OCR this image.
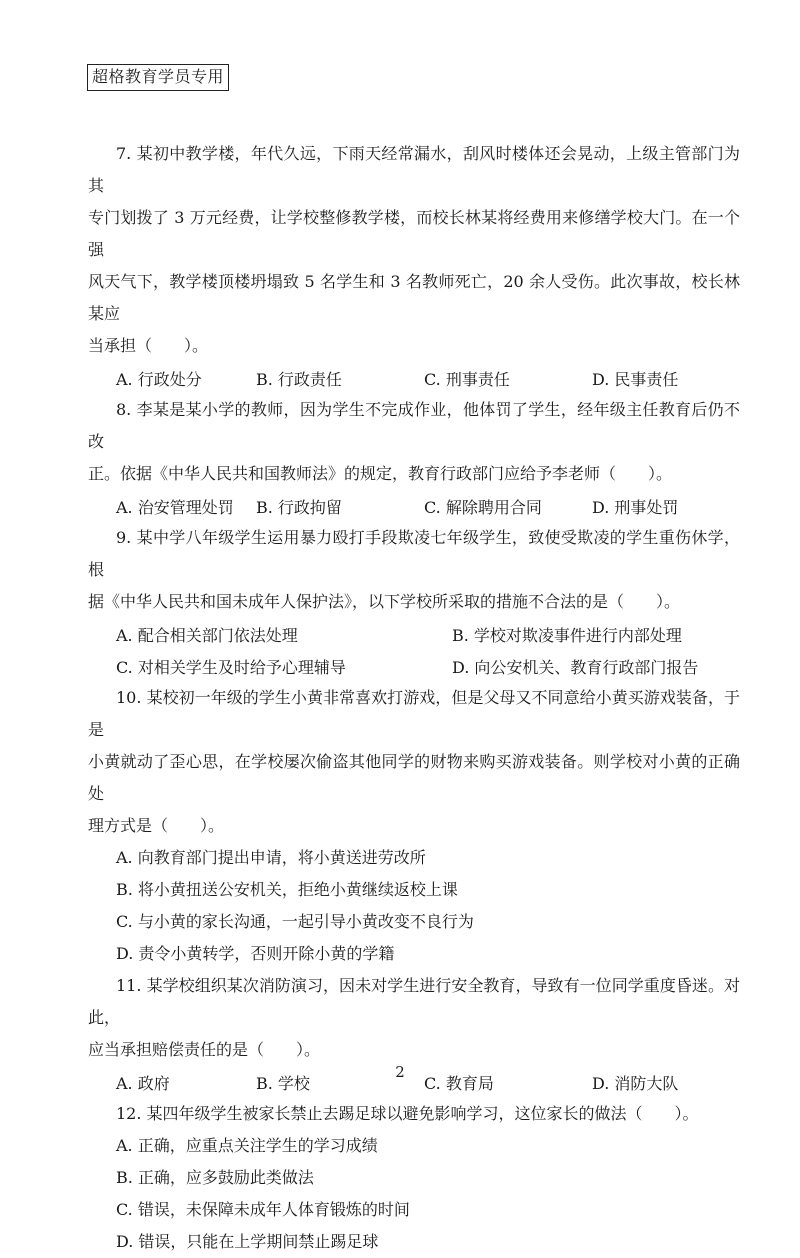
超格教育学员专用

7. 某初中教学楼，年代久远，下雨天经常漏水，刮风时楼体还会晃动，上级主管部门为其

专门划拨了 3 万元经费，让学校整修教学楼，而校长林某将经费用来修缮学校大门。在一个强

风天气下，教学楼顶楼坍塌致 5 名学生和 3 名教师死亡，20 余人受伤。此次事故，校长林某应

当承担（　　）。

A. 行政处分	B. 行政责任	C. 刑事责任	D. 民事责任

8. 李某是某小学的教师，因为学生不完成作业，他体罚了学生，经年级主任教育后仍不改

正。依据《中华人民共和国教师法》的规定，教育行政部门应给予李老师（　　）。

A. 治安管理处罚	B. 行政拘留	C. 解除聘用合同	D. 刑事处罚

9. 某中学八年级学生运用暴力殴打手段欺凌七年级学生，致使受欺凌的学生重伤休学，根

据《中华人民共和国未成年人保护法》，以下学校所采取的措施不合法的是（　　）。

A. 配合相关部门依法处理	B. 学校对欺凌事件进行内部处理
C. 对相关学生及时给予心理辅导	D. 向公安机关、教育行政部门报告

10. 某校初一年级的学生小黄非常喜欢打游戏，但是父母又不同意给小黄买游戏装备，于是

小黄就动了歪心思，在学校屡次偷盗其他同学的财物来购买游戏装备。则学校对小黄的正确处

理方式是（　　）。

A. 向教育部门提出申请，将小黄送进劳改所
B. 将小黄扭送公安机关，拒绝小黄继续返校上课
C. 与小黄的家长沟通，一起引导小黄改变不良行为
D. 责令小黄转学，否则开除小黄的学籍

11. 某学校组织某次消防演习，因未对学生进行安全教育，导致有一位同学重度昏迷。对此，

应当承担赔偿责任的是（　　）。

A. 政府	B. 学校	C. 教育局	D. 消防大队

12. 某四年级学生被家长禁止去踢足球以避免影响学习，这位家长的做法（　　）。

A. 正确，应重点关注学生的学习成绩
B. 正确，应多鼓励此类做法
C. 错误，未保障未成年人体育锻炼的时间
D. 错误，只能在上学期间禁止踢足球
2
